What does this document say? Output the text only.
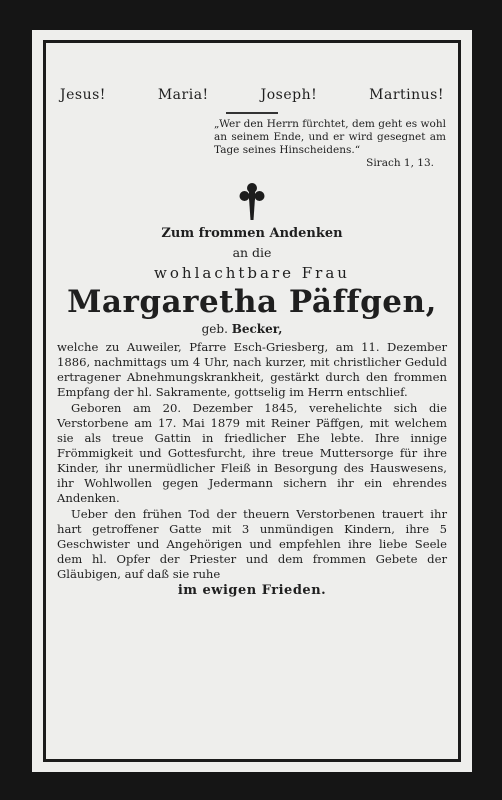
Jesus!	Maria!	Joseph!	Martinus!
„Wer den Herrn fürchtet, dem geht es wohl an seinem Ende, und er wird gesegnet am Tage seines Hinscheidens.“
Sirach 1, 13.
Zum frommen Andenken
an die
wohlachtbare Frau
Margaretha Päffgen,
geb. Becker,

welche zu Auweiler, Pfarre Esch-Griesberg, am 11. Dezember 1886, nachmittags um 4 Uhr, nach kurzer, mit christlicher Geduld ertragener Abnehmungskrankheit, gestärkt durch den frommen Empfang der hl. Sakramente, gottselig im Herrn entschlief.

Geboren am 20. Dezember 1845, verehelichte sich die Verstorbene am 17. Mai 1879 mit Reiner Päffgen, mit welchem sie als treue Gattin in friedlicher Ehe lebte. Ihre innige Frömmigkeit und Gottesfurcht, ihre treue Muttersorge für ihre Kinder, ihr unermüdlicher Fleiß in Besorgung des Hauswesens, ihr Wohlwollen gegen Jedermann sichern ihr ein ehrendes Andenken.

Ueber den frühen Tod der theuern Verstorbenen trauert ihr hart getroffener Gatte mit 3 unmündigen Kindern, ihre 5 Geschwister und Angehörigen und empfehlen ihre liebe Seele dem hl. Opfer der Priester und dem frommen Gebete der Gläubigen, auf daß sie ruhe

im ewigen Frieden.
